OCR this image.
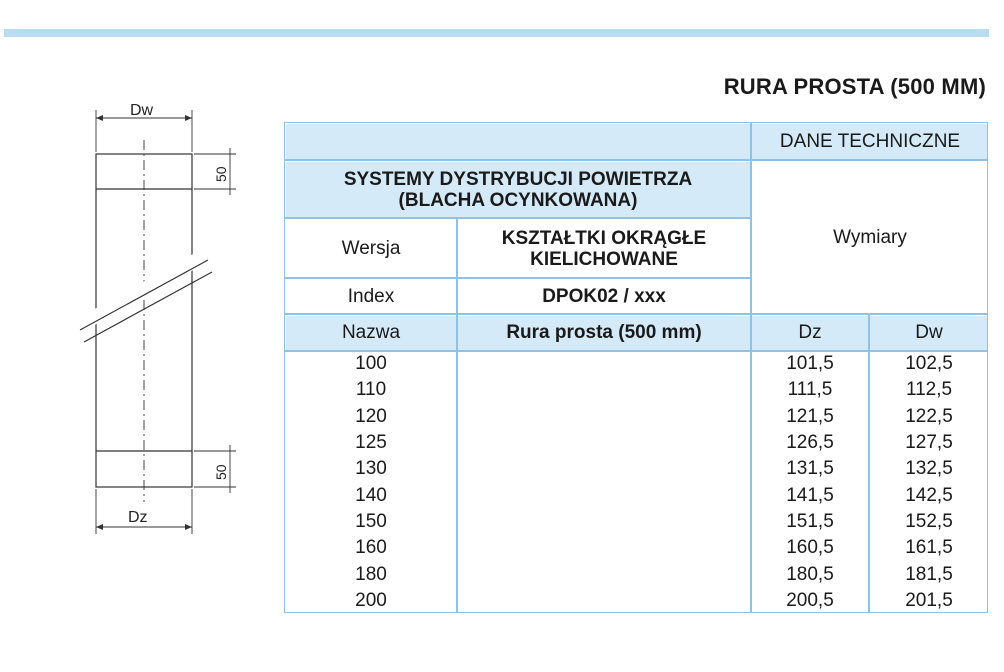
RURA PROSTA (500 MM)
Dw
Dz
50
50
		DANE TECHNICZNE	

SYSTEMY DYSTRYBUCJI POWIETRZA
(BLACHA OCYNKOWANA)		Wymiary	
Wersja	KSZTAŁTKI OKRĄGŁE
KIELICHOWANE		

Index	DPOK02 / xxx		
Nazwa	Rura prosta (500 mm)	Dz	Dw
100		101,5	102,5
110		111,5	112,5
120		121,5	122,5
125		126,5	127,5
130		131,5	132,5
140		141,5	142,5
150		151,5	152,5
160		160,5	161,5
180		180,5	181,5
200		200,5	201,5
